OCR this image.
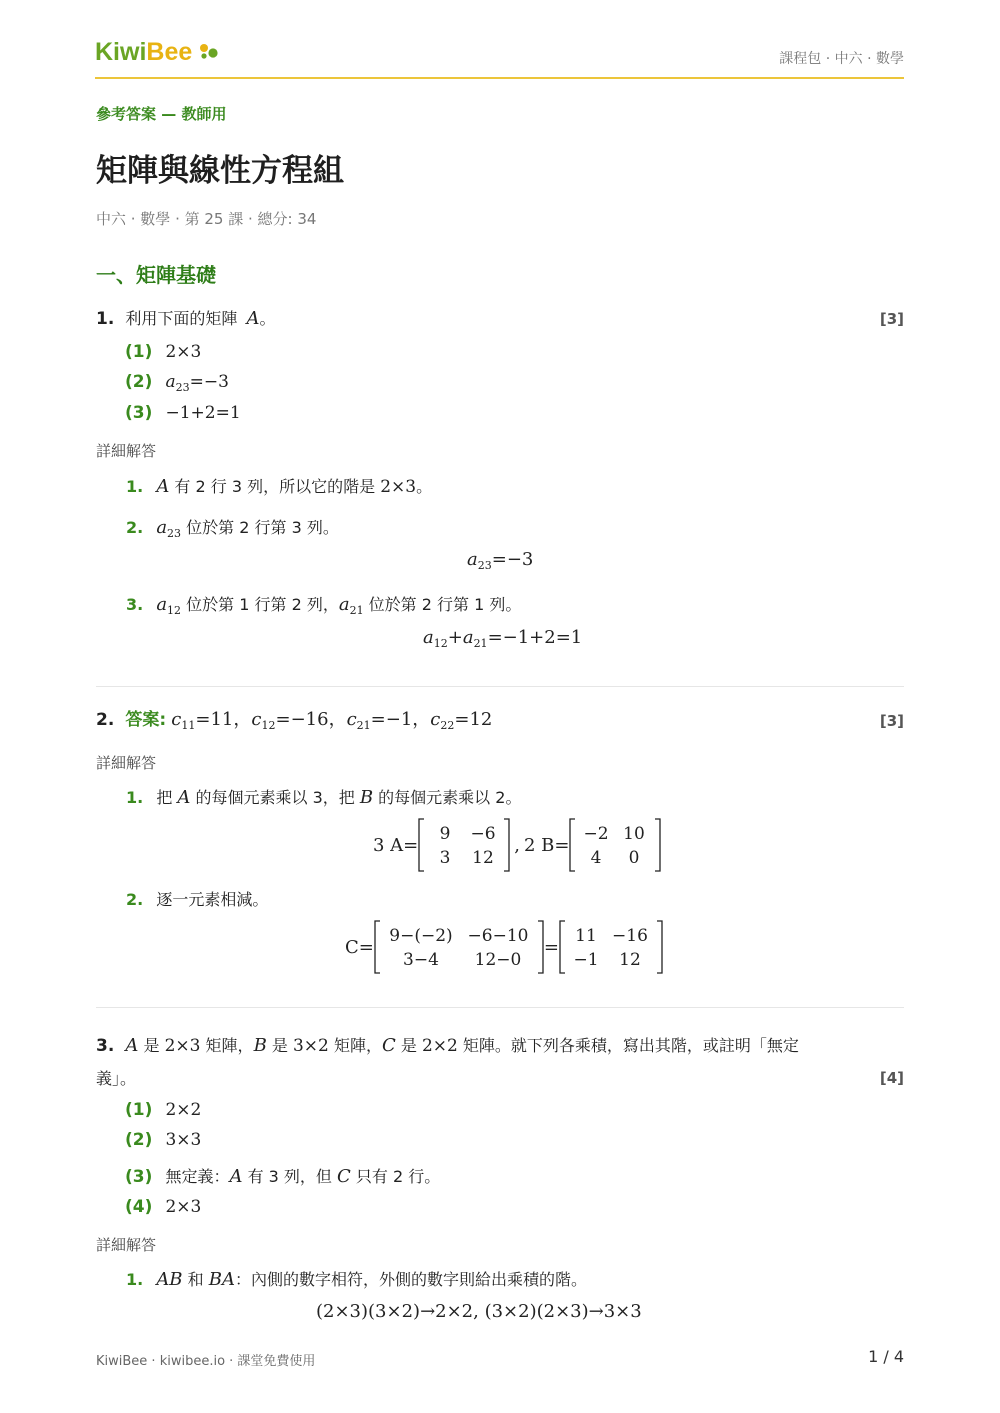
KiwiBee	課程包 · 中六 · 數學
參考答案 — 教師用
矩陣與線性方程組
中六 · 數學 · 第 25 課 · 總分: 34
一、矩陣基礎
1. 利用下面的矩陣 A。	[3]
(1) 2×3
(2) $a_{23}=-3$
(3) −1+2=1
詳細解答
1. A 有 2 行 3 列，所以它的階是 2×3。
2. $a_{23}$ 位於第 2 行第 3 列。
$a_{23}=-3$
3. $a_{12}$ 位於第 1 行第 2 列，$a_{21}$ 位於第 2 行第 1 列。
$a_{12}+a_{21}=-1+2=1$
2. 答案: $c_{11}=11$，$c_{12}=-16$，$c_{21}=-1$，$c_{22}=12$	[3]
詳細解答
1. 把 A 的每個元素乘以 3，把 B 的每個元素乘以 2。
3 A=
9 −6
3 12
, 2 B=
−2 10
4 0
2. 逐一元素相減。
C=
9−(−2) −6−10
3−4 12−0
=
11 −16
−1 12
3. A 是 2×3 矩陣，B 是 3×2 矩陣，C 是 2×2 矩陣。就下列各乘積，寫出其階，或註明「無定
義」。	[4]
(1) 2×2
(2) 3×3
(3) 無定義：A 有 3 列，但 C 只有 2 行。
(4) 2×3
詳細解答
1. AB 和 BA：內側的數字相符，外側的數字則給出乘積的階。
(2×3)(3×2)→2×2, (3×2)(2×3)→3×3
KiwiBee · kiwibee.io · 課堂免費使用	1 / 4
